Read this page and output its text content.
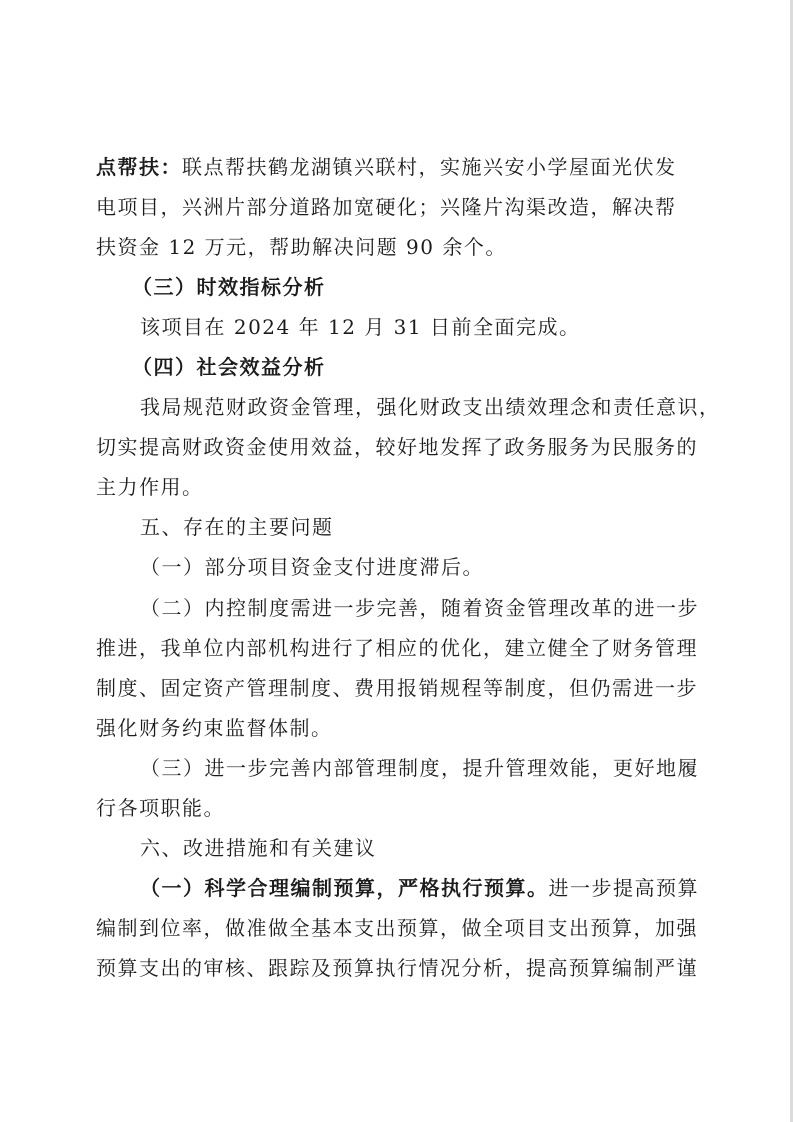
点帮扶：联点帮扶鹤龙湖镇兴联村，实施兴安小学屋面光伏发
电项目，兴洲片部分道路加宽硬化；兴隆片沟渠改造，解决帮
扶资金 12 万元，帮助解决问题 90 余个。
（三）时效指标分析
该项目在 2024 年 12 月 31 日前全面完成。
（四）社会效益分析
我局规范财政资金管理，强化财政支出绩效理念和责任意识，
切实提高财政资金使用效益，较好地发挥了政务服务为民服务的
主力作用。
五、存在的主要问题
（一）部分项目资金支付进度滞后。
（二）内控制度需进一步完善，随着资金管理改革的进一步
推进，我单位内部机构进行了相应的优化，建立健全了财务管理
制度、固定资产管理制度、费用报销规程等制度，但仍需进一步
强化财务约束监督体制。
（三）进一步完善内部管理制度，提升管理效能，更好地履
行各项职能。
六、改进措施和有关建议
（一）科学合理编制预算，严格执行预算。进一步提高预算
编制到位率，做准做全基本支出预算，做全项目支出预算，加强
预算支出的审核、跟踪及预算执行情况分析，提高预算编制严谨
